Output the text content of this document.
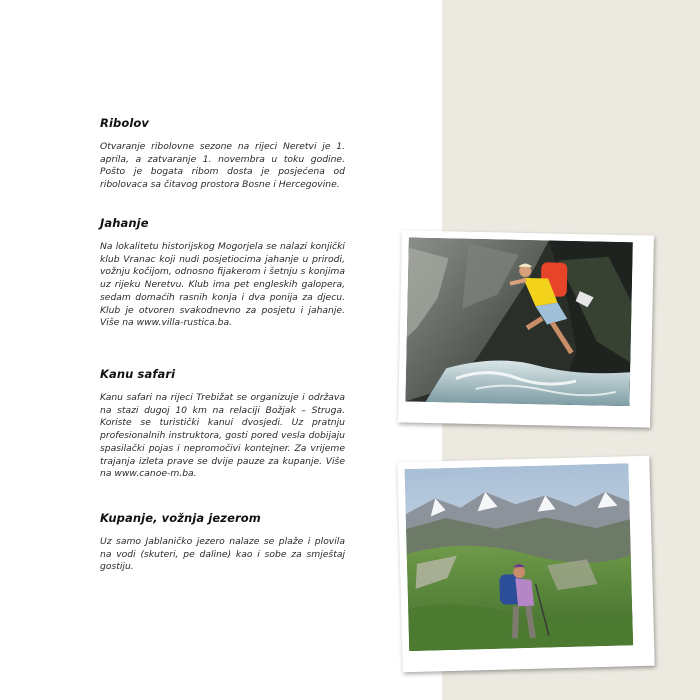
Ribolov

Otvaranje ribolovne sezone na rijeci Neretvi je 1. aprila, a zatvaranje 1. novembra u toku godine. Pošto je bogata ribom dosta je posjećena od ribolovaca sa čitavog prostora Bosne i Hercegovine.

Jahanje

Na lokalitetu historijskog Mogorjela se nalazi konjički klub Vranac koji nudi posjetiocima jahanje u prirodi, vožnju kočijom, odnosno fijakerom i šetnju s konjima uz rijeku Neretvu. Klub ima pet engleskih galopera, sedam domaćih rasnih konja i dva ponija za djecu. Klub je otvoren svakodnevno za posjetu i jahanje. Više na www.villa-rustica.ba.

Kanu safari

Kanu safari na rijeci Trebižat se organizuje i održava na stazi dugoj 10 km na relaciji Božjak – Struga. Koriste se turistički kanui dvosjedi. Uz pratnju profesionalnih instruktora, gosti pored vesla dobijaju spasilački pojas i nepromočivi kontejner. Za vrijeme trajanja izleta prave se dvije pauze za kupanje. Više na www.canoe-m.ba.

Kupanje, vožnja jezerom

Uz samo Jablaničko jezero nalaze se plaže i plovila na vodi (skuteri, pe daline) kao i sobe za smještaj gostiju.
